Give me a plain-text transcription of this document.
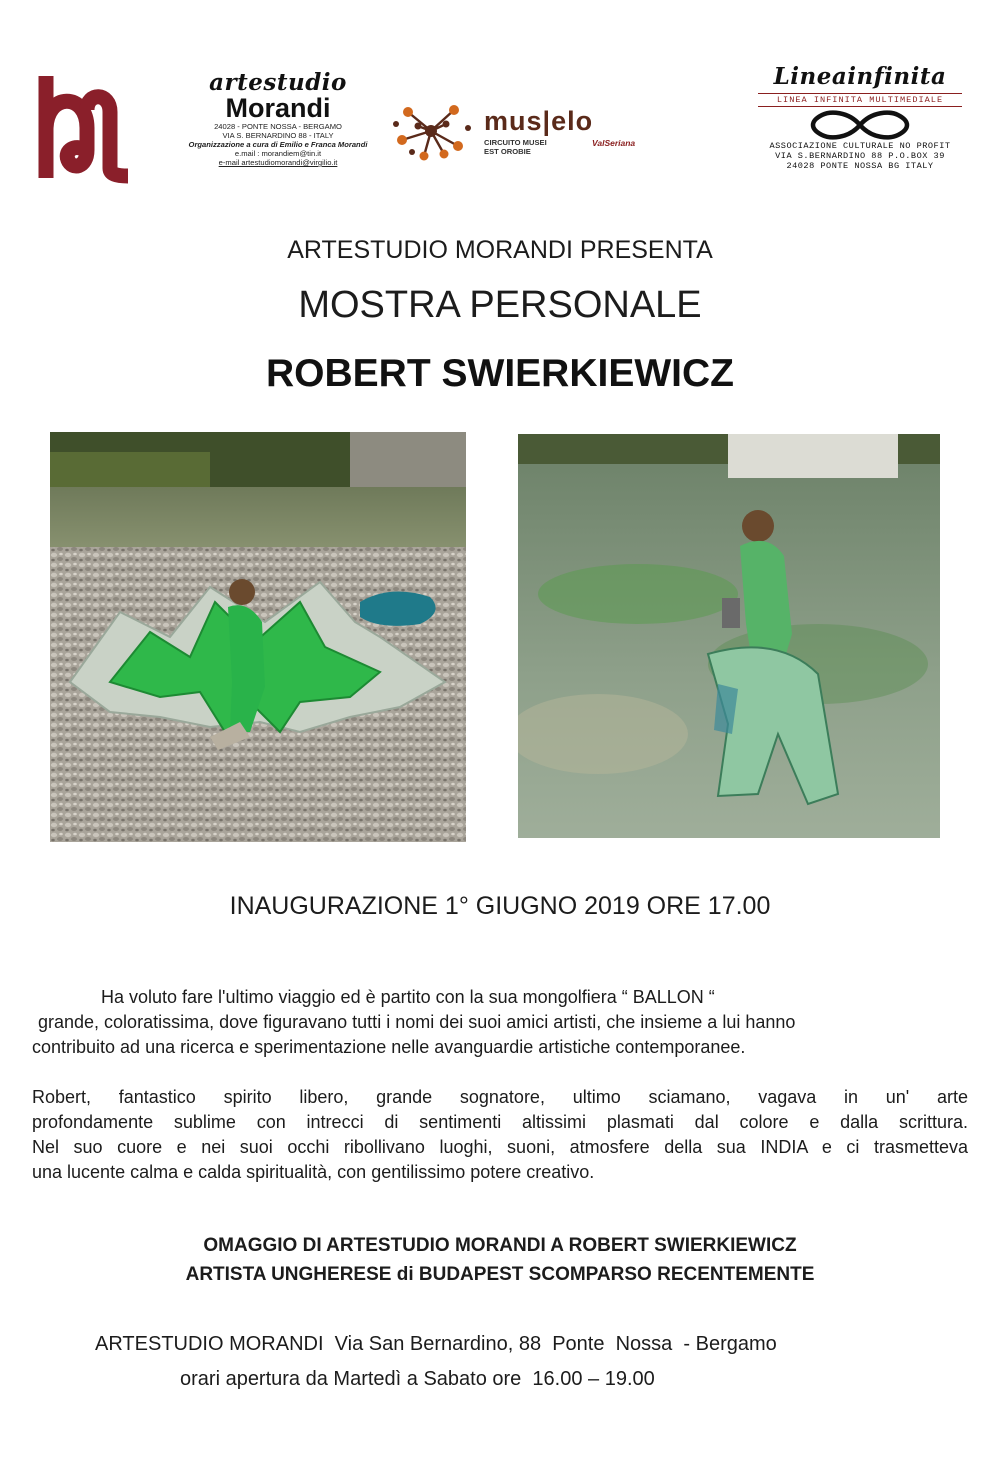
artestudio
Morandi
24028 - PONTE NOSSA - BERGAMO
VIA S. BERNARDINO 88 - ITALY
Organizzazione a cura di Emilio e Franca Morandi
e.mail : morandiem@tin.it
e-mail artestudiomorandi@virgilio.it
mus|elo
CIRCUITO MUSEI
EST OROBIE
ValSeriana
Lineainfinita
LINEA INFINITA MULTIMEDIALE
ASSOCIAZIONE CULTURALE NO PROFIT
VIA S.BERNARDINO 88 P.O.BOX 39
24028 PONTE NOSSA BG ITALY
ARTESTUDIO MORANDI PRESENTA
MOSTRA PERSONALE
ROBERT SWIERKIEWICZ
INAUGURAZIONE 1° GIUGNO 2019 ORE 17.00
Ha voluto fare l'ultimo viaggio ed è partito con la sua mongolfiera “ BALLON “
grande, coloratissima, dove figuravano tutti i nomi dei suoi amici artisti, che insieme a lui hanno
contribuito ad una ricerca e sperimentazione nelle avanguardie artistiche contemporanee.
Robert, fantastico spirito libero, grande sognatore, ultimo sciamano, vagava in un' arte
profondamente sublime con intrecci di sentimenti altissimi plasmati dal colore e dalla scrittura.
Nel suo cuore e nei suoi occhi ribollivano luoghi, suoni, atmosfere della sua INDIA e ci trasmetteva
una lucente calma e calda spiritualità, con gentilissimo potere creativo.
OMAGGIO DI ARTESTUDIO MORANDI A ROBERT SWIERKIEWICZ
ARTISTA UNGHERESE di BUDAPEST SCOMPARSO RECENTEMENTE
ARTESTUDIO MORANDI  Via San Bernardino, 88  Ponte  Nossa  - Bergamo
orari apertura da Martedì a Sabato ore  16.00 – 19.00
